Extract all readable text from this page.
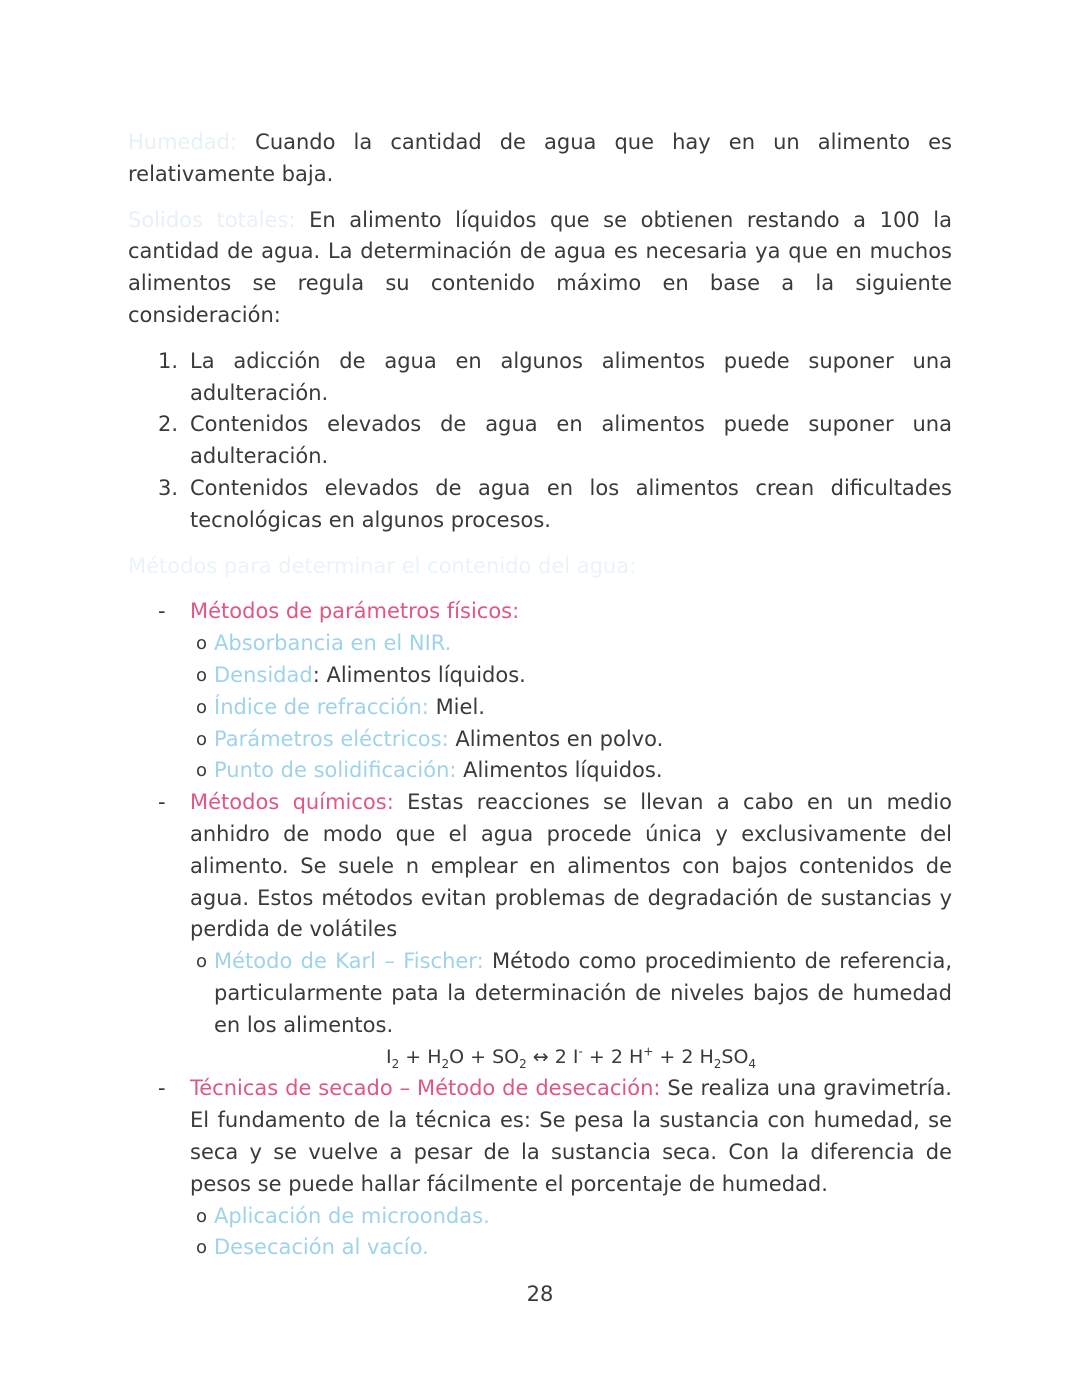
Humedad: Cuando la cantidad de agua que hay en un alimento es relativamente baja.

Solidos totales: En alimento líquidos que se obtienen restando a 100 la cantidad de agua. La determinación de agua es necesaria ya que en muchos alimentos se regula su contenido máximo en base a la siguiente consideración:

1. La adicción de agua en algunos alimentos puede suponer una adulteración.
2. Contenidos elevados de agua en alimentos puede suponer una adulteración.
3. Contenidos elevados de agua en los alimentos crean dificultades tecnológicas en algunos procesos.

Métodos para determinar el contenido del agua:

- Métodos de parámetros físicos:
o Absorbancia en el NIR.
o Densidad: Alimentos líquidos.
o Índice de refracción: Miel.
o Parámetros eléctricos: Alimentos en polvo.
o Punto de solidificación: Alimentos líquidos.
- Métodos químicos: Estas reacciones se llevan a cabo en un medio anhidro de modo que el agua procede única y exclusivamente del alimento. Se suele n emplear en alimentos con bajos contenidos de agua. Estos métodos evitan problemas de degradación de sustancias y perdida de volátiles
o Método de Karl – Fischer: Método como procedimiento de referencia, particularmente pata la determinación de niveles bajos de humedad en los alimentos.
$I_2 + H_2O + SO_2$ ↔ 2 I- + 2 H+ + 2 $H_2SO_4$
- Técnicas de secado – Método de desecación: Se realiza una gravimetría. El fundamento de la técnica es: Se pesa la sustancia con humedad, se seca y se vuelve a pesar de la sustancia seca. Con la diferencia de pesos se puede hallar fácilmente el porcentaje de humedad.
o Aplicación de microondas.
o Desecación al vacío.
28
